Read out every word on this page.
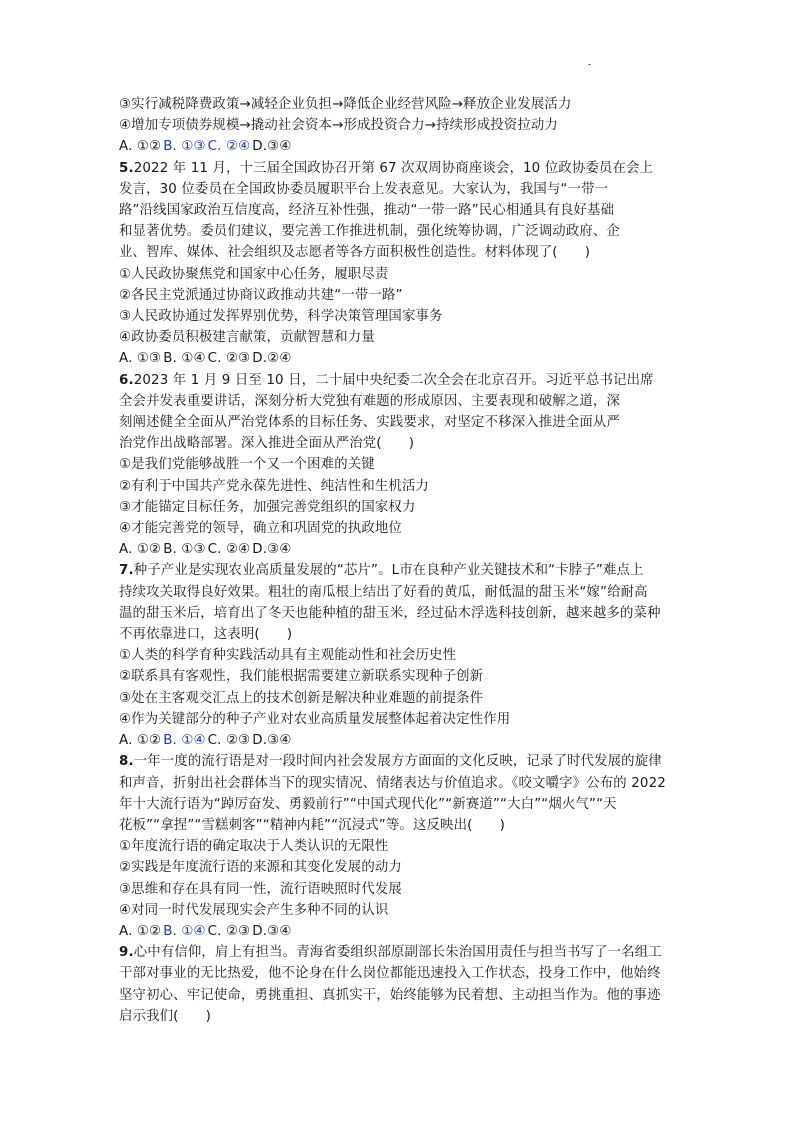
③实行减税降费政策→减轻企业负担→降低企业经营风险→释放企业发展活力
④增加专项债券规模→撬动社会资本→形成投资合力→持续形成投资拉动力
A. ①② B. ①③ C. ②④ D.③④
5.2022 年 11 月，十三届全国政协召开第 67 次双周协商座谈会，10 位政协委员在会上
发言，30 位委员在全国政协委员履职平台上发表意见。大家认为，我国与“一带一
路”沿线国家政治互信度高，经济互补性强，推动“一带一路”民心相通具有良好基础
和显著优势。委员们建议，要完善工作推进机制，强化统筹协调，广泛调动政府、企
业、智库、媒体、社会组织及志愿者等各方面积极性创造性。材料体现了(　　)
①人民政协聚焦党和国家中心任务，履职尽责
②各民主党派通过协商议政推动共建“一带一路”
③人民政协通过发挥界别优势，科学决策管理国家事务
④政协委员积极建言献策，贡献智慧和力量
A. ①③ B. ①④ C. ②③ D.②④
6.2023 年 1 月 9 日至 10 日，二十届中央纪委二次全会在北京召开。习近平总书记出席
全会并发表重要讲话，深刻分析大党独有难题的形成原因、主要表现和破解之道，深
刻阐述健全全面从严治党体系的目标任务、实践要求，对坚定不移深入推进全面从严
治党作出战略部署。深入推进全面从严治党(　　)
①是我们党能够战胜一个又一个困难的关键
②有利于中国共产党永葆先进性、纯洁性和生机活力
③才能锚定目标任务，加强完善党组织的国家权力
④才能完善党的领导，确立和巩固党的执政地位
A. ①② B. ①③ C. ②④ D.③④
7.种子产业是实现农业高质量发展的“芯片”。L市在良种产业关键技术和“卡脖子”难点上
持续攻关取得良好效果。粗壮的南瓜根上结出了好看的黄瓜，耐低温的甜玉米“嫁”给耐高
温的甜玉米后，培育出了冬天也能种植的甜玉米，经过砧木浮选科技创新，越来越多的菜种
不再依靠进口，这表明(　　)
①人类的科学育种实践活动具有主观能动性和社会历史性
②联系具有客观性，我们能根据需要建立新联系实现种子创新
③处在主客观交汇点上的技术创新是解决种业难题的前提条件
④作为关键部分的种子产业对农业高质量发展整体起着决定性作用
A. ①② B. ①④ C. ②③ D.③④
8.一年一度的流行语是对一段时间内社会发展方方面面的文化反映，记录了时代发展的旋律
和声音，折射出社会群体当下的现实情况、情绪表达与价值追求。《咬文嚼字》公布的 2022
年十大流行语为“踔厉奋发、勇毅前行”“中国式现代化”“新赛道”“大白”“烟火气”“天
花板”“拿捏”“雪糕刺客”“精神内耗”“沉浸式”等。这反映出(　　)
①年度流行语的确定取决于人类认识的无限性
②实践是年度流行语的来源和其变化发展的动力
③思维和存在具有同一性，流行语映照时代发展
④对同一时代发展现实会产生多种不同的认识
A. ①② B. ①④ C. ②③ D.③④
9.心中有信仰，肩上有担当。青海省委组织部原副部长朱治国用责任与担当书写了一名组工
干部对事业的无比热爱，他不论身在什么岗位都能迅速投入工作状态，投身工作中，他始终
坚守初心、牢记使命，勇挑重担、真抓实干，始终能够为民着想、主动担当作为。他的事迹
启示我们(　　)
